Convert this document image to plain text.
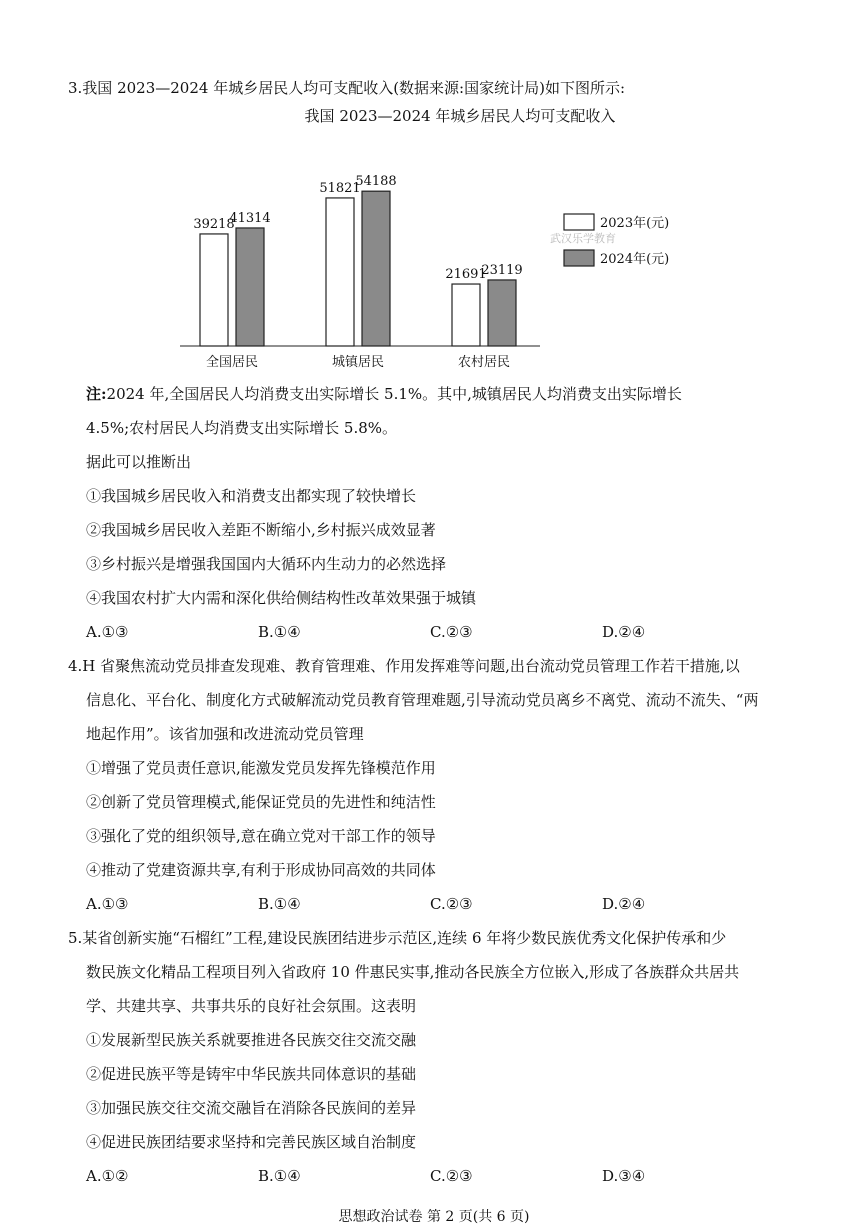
3.我国 2023—2024 年城乡居民人均可支配收入(数据来源:国家统计局)如下图所示:
我国 2023—2024 年城乡居民人均可支配收入
39218
41314
全国居民
51821
54188
城镇居民
21691
23119
农村居民
2023年(元)
2024年(元)
武汉乐学教育
注:2024 年,全国居民人均消费支出实际增长 5.1%。其中,城镇居民人均消费支出实际增长
4.5%;农村居民人均消费支出实际增长 5.8%。
据此可以推断出
①我国城乡居民收入和消费支出都实现了较快增长
②我国城乡居民收入差距不断缩小,乡村振兴成效显著
③乡村振兴是增强我国国内大循环内生动力的必然选择
④我国农村扩大内需和深化供给侧结构性改革效果强于城镇
A.①③	B.①④	C.②③	D.②④
4.H 省聚焦流动党员排查发现难、教育管理难、作用发挥难等问题,出台流动党员管理工作若干措施,以
信息化、平台化、制度化方式破解流动党员教育管理难题,引导流动党员离乡不离党、流动不流失、“两
地起作用”。该省加强和改进流动党员管理
①增强了党员责任意识,能激发党员发挥先锋模范作用
②创新了党员管理模式,能保证党员的先进性和纯洁性
③强化了党的组织领导,意在确立党对干部工作的领导
④推动了党建资源共享,有利于形成协同高效的共同体
A.①③	B.①④	C.②③	D.②④
5.某省创新实施“石榴红”工程,建设民族团结进步示范区,连续 6 年将少数民族优秀文化保护传承和少
数民族文化精品工程项目列入省政府 10 件惠民实事,推动各民族全方位嵌入,形成了各族群众共居共
学、共建共享、共事共乐的良好社会氛围。这表明
①发展新型民族关系就要推进各民族交往交流交融
②促进民族平等是铸牢中华民族共同体意识的基础
③加强民族交往交流交融旨在消除各民族间的差异
④促进民族团结要求坚持和完善民族区域自治制度
A.①②	B.①④	C.②③	D.③④
思想政治试卷 第 2 页(共 6 页)
